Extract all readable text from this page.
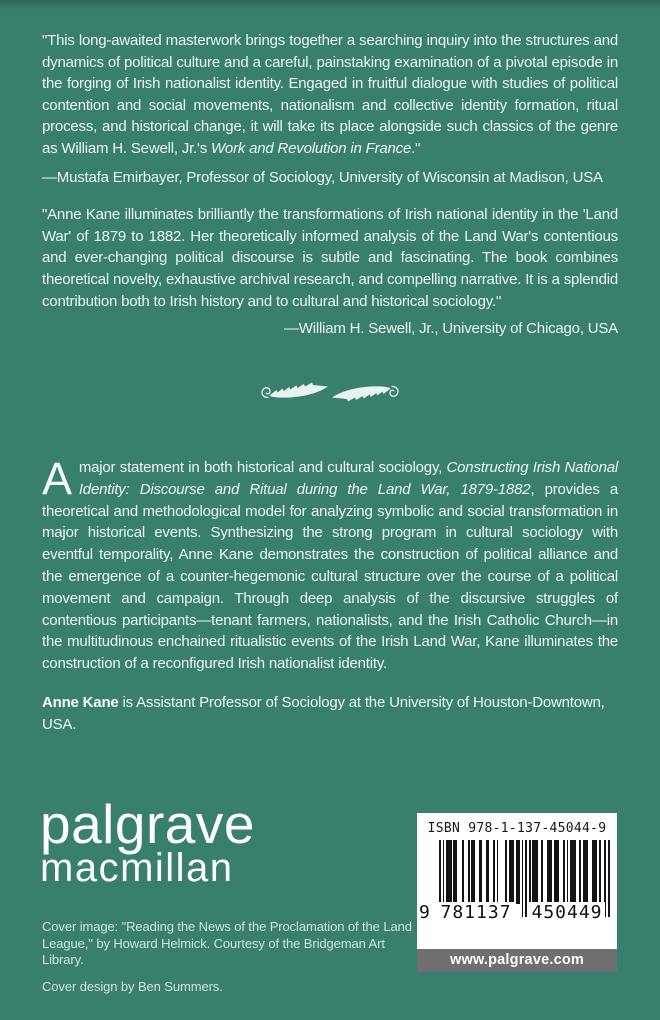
"This long-awaited masterwork brings together a searching inquiry into the structures and dynamics of political culture and a careful, painstaking examination of a pivotal episode in the forging of Irish nationalist identity. Engaged in fruitful dialogue with studies of political contention and social movements, nationalism and collective identity formation, ritual process, and historical change, it will take its place alongside such classics of the genre as William H. Sewell, Jr.'s Work and Revolution in France."

—Mustafa Emirbayer, Professor of Sociology, University of Wisconsin at Madison, USA

"Anne Kane illuminates brilliantly the transformations of Irish national identity in the 'Land War' of 1879 to 1882. Her theoretically informed analysis of the Land War's contentious and ever-changing political discourse is subtle and fascinating. The book combines theoretical novelty, exhaustive archival research, and compelling narrative. It is a splendid contribution both to Irish history and to cultural and historical sociology."

—William H. Sewell, Jr., University of Chicago, USA

Amajor statement in both historical and cultural sociology, Constructing Irish National Identity: Discourse and Ritual during the Land War, 1879-1882, provides a theoretical and methodological model for analyzing symbolic and social transformation in major historical events. Synthesizing the strong program in cultural sociology with eventful temporality, Anne Kane demonstrates the construction of political alliance and the emergence of a counter-hegemonic cultural structure over the course of a political movement and campaign. Through deep analysis of the discursive struggles of contentious participants—tenant farmers, nationalists, and the Irish Catholic Church—in the multitudinous enchained ritualistic events of the Irish Land War, Kane illuminates the construction of a reconfigured Irish nationalist identity.

Anne Kane is Assistant Professor of Sociology at the University of Houston-Downtown, USA.

palgrave
macmillan

Cover image: "Reading the News of the Proclamation of the Land League," by Howard Helmick. Courtesy of the Bridgeman Art Library.

Cover design by Ben Summers.

ISBN 978-1-137-45044-9
9 781137 450449
www.palgrave.com
